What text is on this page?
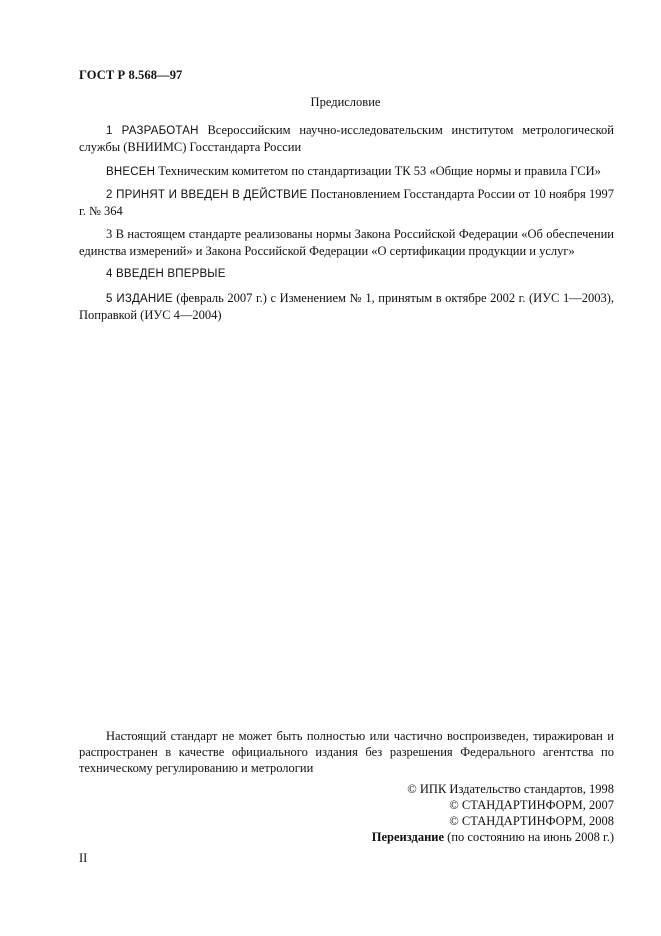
ГОСТ Р 8.568—97
Предисловие

1 РАЗРАБОТАН Всероссийским научно-исследовательским институтом метрологической службы (ВНИИМС) Госстандарта России

ВНЕСЕН Техническим комитетом по стандартизации ТК 53 «Общие нормы и правила ГСИ»

2 ПРИНЯТ И ВВЕДЕН В ДЕЙСТВИЕ Постановлением Госстандарта России от 10 ноября 1997 г. № 364

3 В настоящем стандарте реализованы нормы Закона Российской Федерации «Об обеспечении единства измерений» и Закона Российской Федерации «О сертификации продукции и услуг»

4 ВВЕДЕН ВПЕРВЫЕ

5 ИЗДАНИЕ (февраль 2007 г.) с Изменением № 1, принятым в октябре 2002 г. (ИУС 1—2003), Поправкой (ИУС 4—2004)

Настоящий стандарт не может быть полностью или частично воспроизведен, тиражирован и распространен в качестве официального издания без разрешения Федерального агентства по техническому регулированию и метрологии

© ИПК Издательство стандартов, 1998
© СТАНДАРТИНФОРМ, 2007
© СТАНДАРТИНФОРМ, 2008
Переиздание (по состоянию на июнь 2008 г.)
II
